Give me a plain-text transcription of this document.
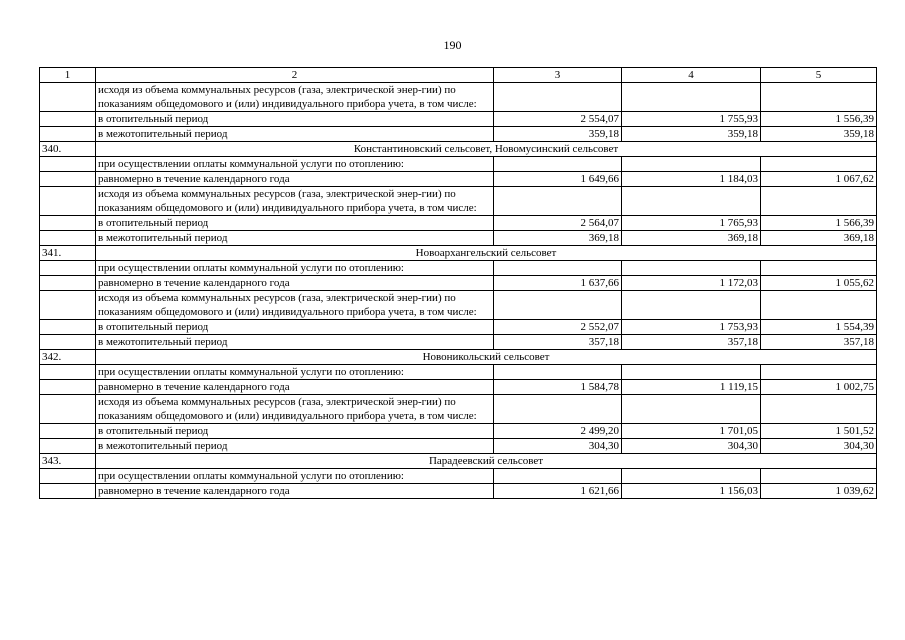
190
1	2	3	4	5
	исходя из объема коммунальных ресурсов (газа, электрической энер-гии) по показаниям общедомового и (или) индивидуального прибора учета, в том числе:			
	в отопительный период	2 554,07	1 755,93	1 556,39
	в межотопительный период	359,18	359,18	359,18
340.	Константиновский сельсовет, Новомусинский сельсовет			
	при осуществлении оплаты коммунальной услуги по отоплению:			
	равномерно в течение календарного года	1 649,66	1 184,03	1 067,62
	исходя из объема коммунальных ресурсов (газа, электрической энер-гии) по показаниям общедомового и (или) индивидуального прибора учета, в том числе:			
	в отопительный период	2 564,07	1 765,93	1 566,39
	в межотопительный период	369,18	369,18	369,18
341.	Новоархангельский сельсовет			
	при осуществлении оплаты коммунальной услуги по отоплению:			
	равномерно в течение календарного года	1 637,66	1 172,03	1 055,62
	исходя из объема коммунальных ресурсов (газа, электрической энер-гии) по показаниям общедомового и (или) индивидуального прибора учета, в том числе:			
	в отопительный период	2 552,07	1 753,93	1 554,39
	в межотопительный период	357,18	357,18	357,18
342.	Новоникольский сельсовет			
	при осуществлении оплаты коммунальной услуги по отоплению:			
	равномерно в течение календарного года	1 584,78	1 119,15	1 002,75
	исходя из объема коммунальных ресурсов (газа, электрической энер-гии) по показаниям общедомового и (или) индивидуального прибора учета, в том числе:			
	в отопительный период	2 499,20	1 701,05	1 501,52
	в межотопительный период	304,30	304,30	304,30
343.	Парадеевский сельсовет			
	при осуществлении оплаты коммунальной услуги по отоплению:			
	равномерно в течение календарного года	1 621,66	1 156,03	1 039,62
